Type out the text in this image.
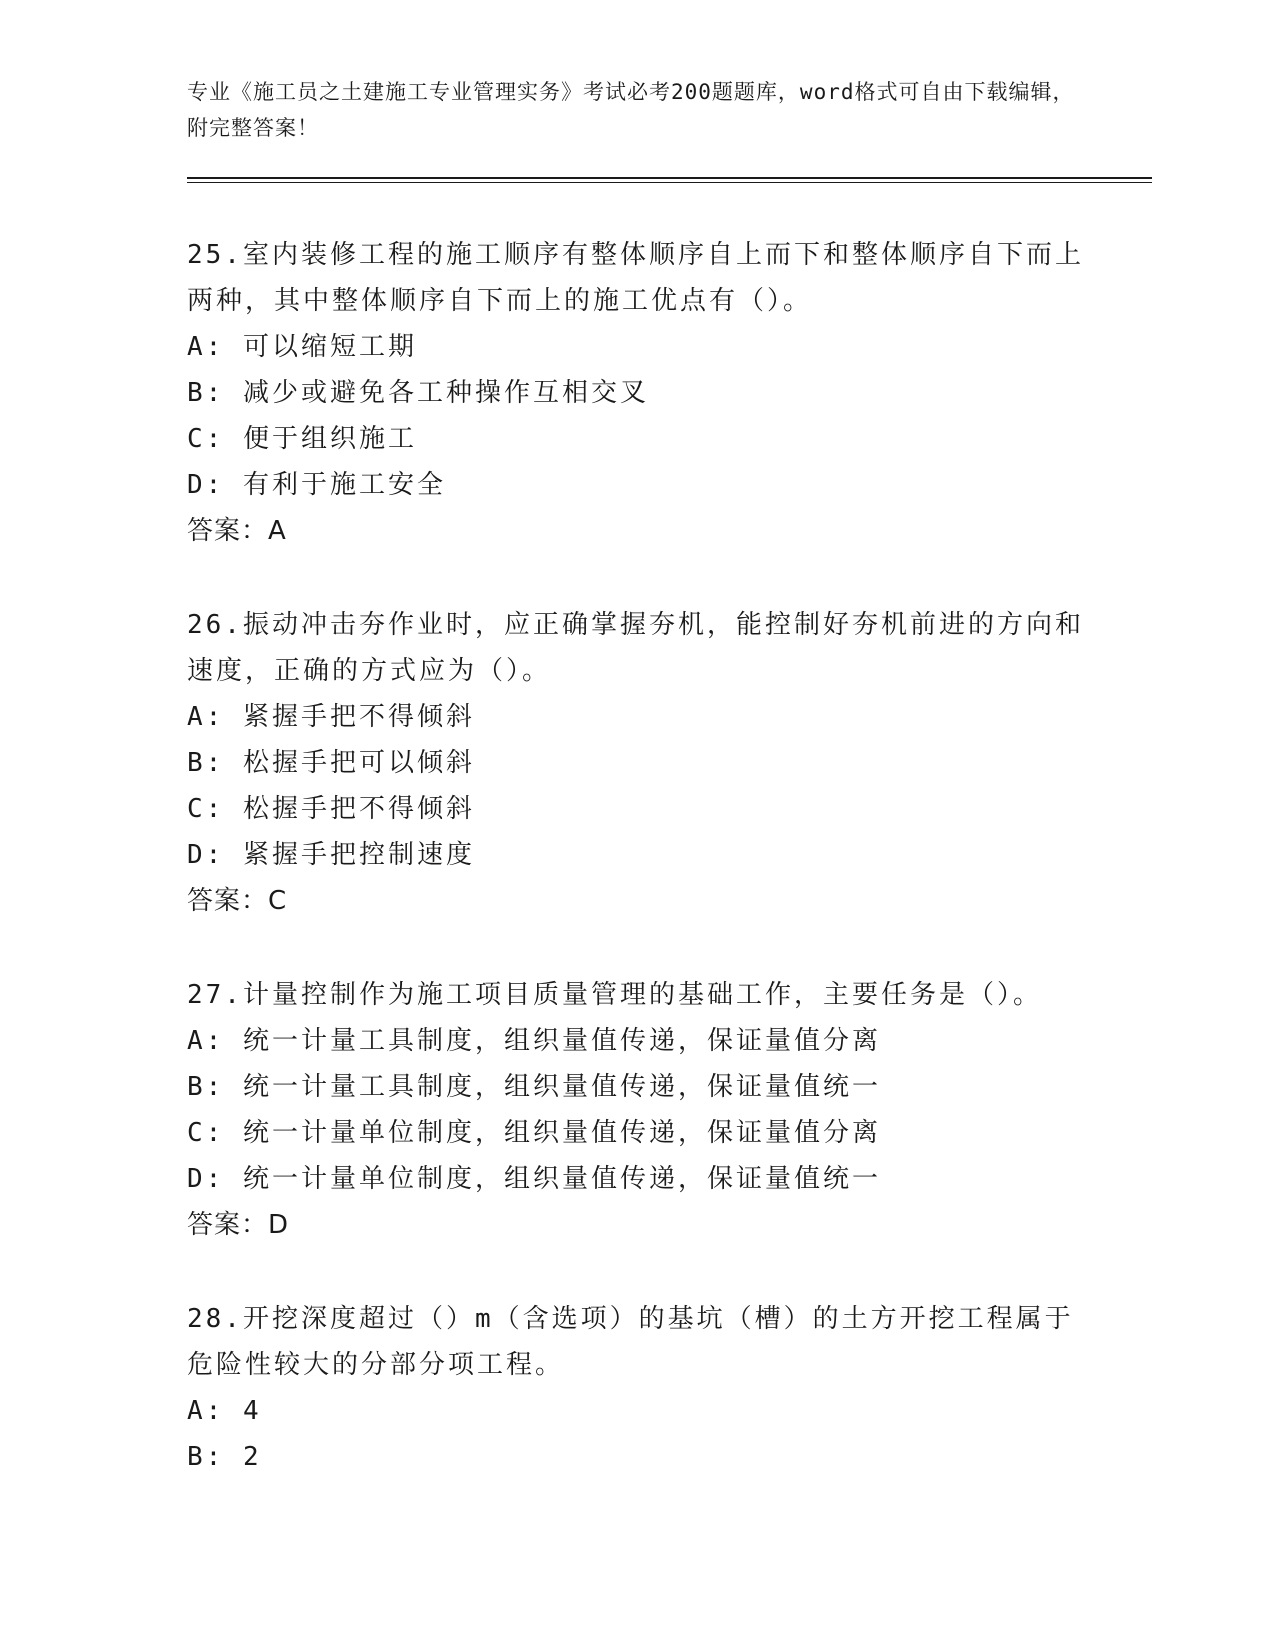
专业《施工员之土建施工专业管理实务》考试必考200题题库，word格式可自由下载编辑，附完整答案！
25.室内装修工程的施工顺序有整体顺序自上而下和整体顺序自下而上两种，其中整体顺序自下而上的施工优点有（）。
A: 可以缩短工期
B: 减少或避免各工种操作互相交叉
C: 便于组织施工
D: 有利于施工安全
答案：A
26.振动冲击夯作业时，应正确掌握夯机，能控制好夯机前进的方向和速度，正确的方式应为（）。
A: 紧握手把不得倾斜
B: 松握手把可以倾斜
C: 松握手把不得倾斜
D: 紧握手把控制速度
答案：C
27.计量控制作为施工项目质量管理的基础工作，主要任务是（）。
A: 统一计量工具制度，组织量值传递，保证量值分离
B: 统一计量工具制度，组织量值传递，保证量值统一
C: 统一计量单位制度，组织量值传递，保证量值分离
D: 统一计量单位制度，组织量值传递，保证量值统一
答案：D
28.开挖深度超过（）m（含选项）的基坑（槽）的土方开挖工程属于危险性较大的分部分项工程。
A: 4
B: 2
